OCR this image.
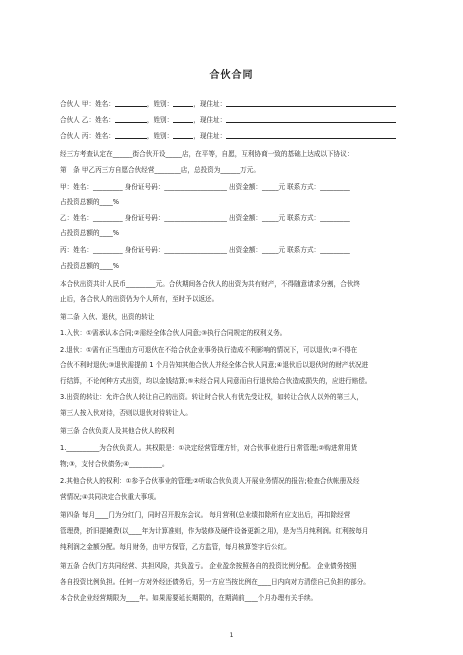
合伙合同
合伙人 甲：姓名：	，姓别：	，现住址：
合伙人 乙：姓名：	，姓别：	，现住址：
合伙人 丙：姓名：	，姓别：	，现住址：
经三方考查认定在______街合伙开设_____店，在平等，自愿，互利协商一致的基础上达成以下协议：
第　条 甲乙丙三方自愿合伙经营________店，总投资为______万元。
甲：姓名：_________ 身份证号码：___________________ 出资金额：_____元 联系方式：_________
占投资总额的____%
乙：姓名：_________ 身份证号码：___________________ 出资金额：_____元 联系方式：_________
占投资总额的____%
丙：姓名：_________ 身份证号码：___________________ 出资金额：_____元 联系方式：_________
占投资总额的____%
本合伙出资共计人民币_________元。合伙期间各合伙人的出资为共有财产，不得随意请求分割，合伙终
止后，各合伙人的出资仍为个人所有，至时予以返还。
第二条 入伙、退伙，出资的转让
1.入伙：①需承认本合同;②需经全体合伙人同意;③执行合同规定的权利义务。
2.退伙：①需有正当理由方可退伙在不给合伙企业事务执行造成不利影响的情况下，可以退伙;②不得在
合伙不利时退伙;③退伙需提前 1 个月告知其他合伙人并经全体合伙人同意;④退伙后以退伙时的财产状况进
行结算，不论何种方式出资，均以金钱结算;⑤未经合同人同意而自行退伙给合伙造成损失的，应进行赔偿。
3.出资的转让：允许合伙人转让自己的出资。转让时合伙人有优先受让权，如转让合伙人以外的第三人，
第三人按入伙对待，否则以退伙对待转让人。
第三条 合伙负责人及其他合伙人的权利
1.__________为合伙负责人。其权限是：①决定经营管理方针，对合伙事业进行日常管理;②购进常用货
物;③，支付合伙债务;④__________。
2.其他合伙人的权利：①参予合伙事业的管理;②听取合伙负责人开展业务情况的报告;检查合伙帐册及经
营情况;④共同决定合伙重大事项。
第四条 每月____门为分红门，同时召开股东会议。 每月营利(总业绩扣除所有应支出后，再扣除经营
管理费，折旧提摊费(以____年为计算准则，作为装修及硬件设备更新之用)，是为当月纯利润。红利按每月
纯利润之金额分配。每月财务，由甲方保管，乙方监管，每月核算签字后公红。
第五条 合伙门方共同经营、共担风险，共负盈亏。 企业盈余按照各自的投资比例分配。 企业债务按照
各自投资比例负担。任何一方对外经还债务后，另一方应当按比例在____日内向对方清偿自己负担的部分。
本合伙企业经营期限为____年。如果需要延长期限的，在期满前____个月办理有关手续。
1
